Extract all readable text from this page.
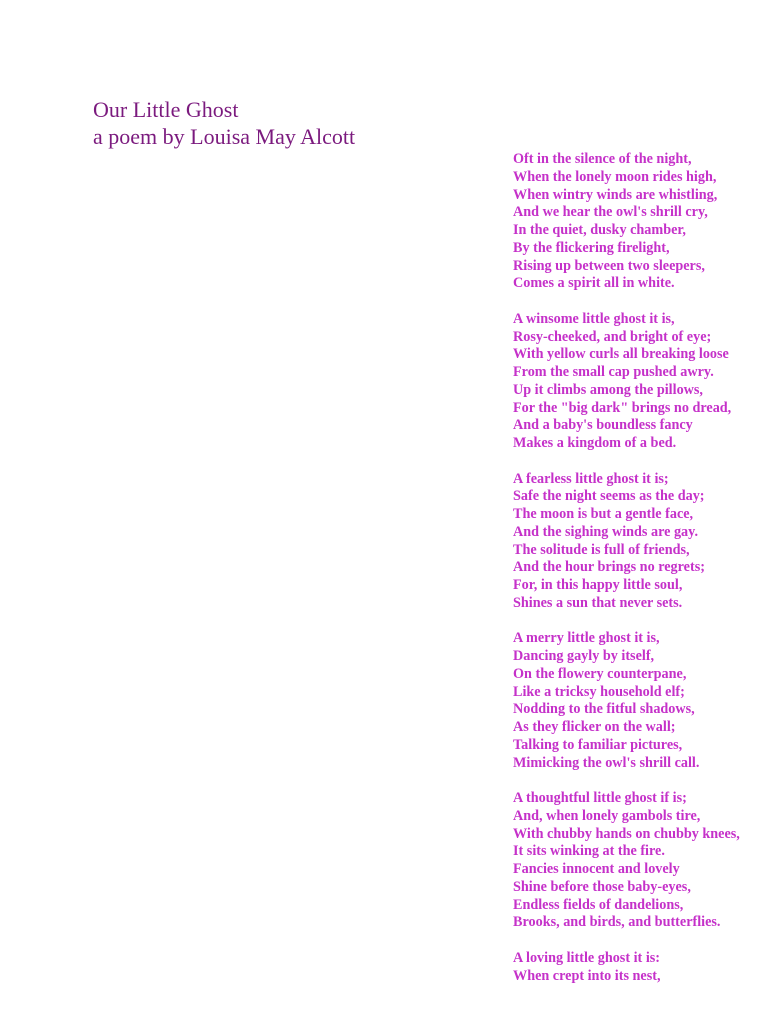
Our Little Ghost
a poem by Louisa May Alcott
Oft in the silence of the night,
When the lonely moon rides high,
When wintry winds are whistling,
And we hear the owl's shrill cry,
In the quiet, dusky chamber,
By the flickering firelight,
Rising up between two sleepers,
Comes a spirit all in white.
A winsome little ghost it is,
Rosy-cheeked, and bright of eye;
With yellow curls all breaking loose
From the small cap pushed awry.
Up it climbs among the pillows,
For the "big dark" brings no dread,
And a baby's boundless fancy
Makes a kingdom of a bed.
A fearless little ghost it is;
Safe the night seems as the day;
The moon is but a gentle face,
And the sighing winds are gay.
The solitude is full of friends,
And the hour brings no regrets;
For, in this happy little soul,
Shines a sun that never sets.
A merry little ghost it is,
Dancing gayly by itself,
On the flowery counterpane,
Like a tricksy household elf;
Nodding to the fitful shadows,
As they flicker on the wall;
Talking to familiar pictures,
Mimicking the owl's shrill call.
A thoughtful little ghost if is;
And, when lonely gambols tire,
With chubby hands on chubby knees,
It sits winking at the fire.
Fancies innocent and lovely
Shine before those baby-eyes,
Endless fields of dandelions,
Brooks, and birds, and butterflies.
A loving little ghost it is:
When crept into its nest,
